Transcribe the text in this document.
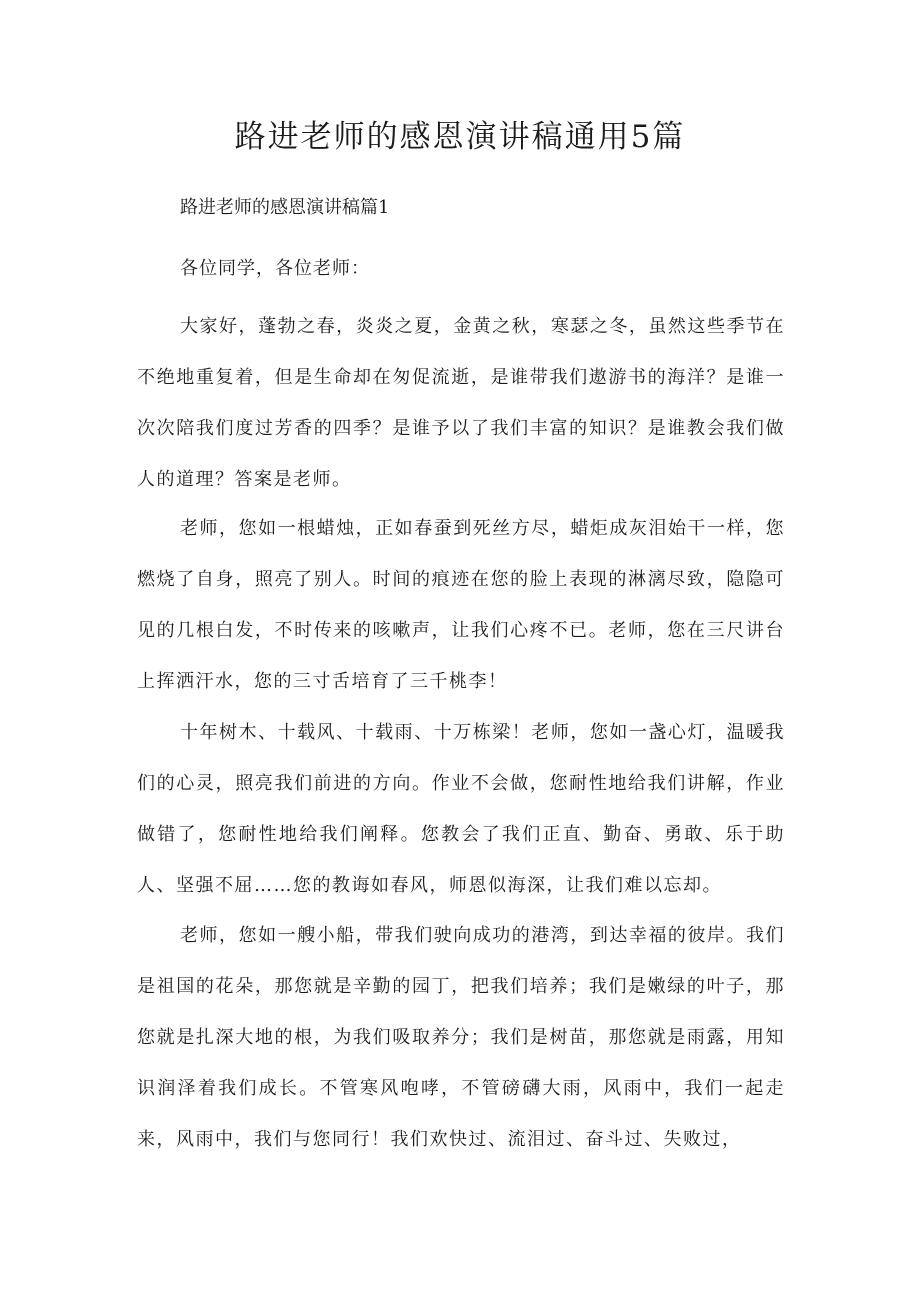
路进老师的感恩演讲稿通用5篇

路进老师的感恩演讲稿篇1

各位同学，各位老师：

大家好，蓬勃之春，炎炎之夏，金黄之秋，寒瑟之冬，虽然这些季节在不绝地重复着，但是生命却在匆促流逝，是谁带我们遨游书的海洋？是谁一次次陪我们度过芳香的四季？是谁予以了我们丰富的知识？是谁教会我们做人的道理？答案是老师。

老师，您如一根蜡烛，正如春蚕到死丝方尽，蜡炬成灰泪始干一样，您燃烧了自身，照亮了别人。时间的痕迹在您的脸上表现的淋漓尽致，隐隐可见的几根白发，不时传来的咳嗽声，让我们心疼不已。老师，您在三尺讲台上挥洒汗水，您的三寸舌培育了三千桃李！

十年树木、十载风、十载雨、十万栋梁！老师，您如一盏心灯，温暖我们的心灵，照亮我们前进的方向。作业不会做，您耐性地给我们讲解，作业做错了，您耐性地给我们阐释。您教会了我们正直、勤奋、勇敢、乐于助人、坚强不屈……您的教诲如春风，师恩似海深，让我们难以忘却。

老师，您如一艘小船，带我们驶向成功的港湾，到达幸福的彼岸。我们是祖国的花朵，那您就是辛勤的园丁，把我们培养；我们是嫩绿的叶子，那您就是扎深大地的根，为我们吸取养分；我们是树苗，那您就是雨露，用知识润泽着我们成长。不管寒风咆哮，不管磅礴大雨，风雨中，我们一起走来，风雨中，我们与您同行！我们欢快过、流泪过、奋斗过、失败过，
